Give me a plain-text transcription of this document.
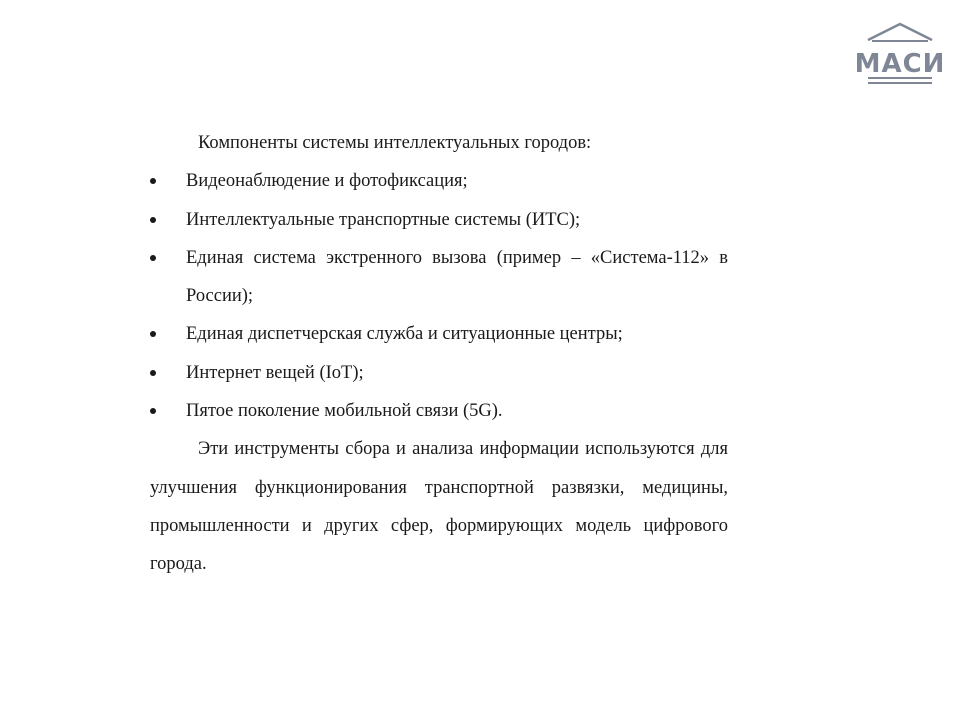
МАСИ

Компоненты системы интеллектуальных городов:

Видеонаблюдение и фотофиксация;
Интеллектуальные транспортные системы (ИТС);
Единая система экстренного вызова (пример – «Система-112» в России);
Единая диспетчерская служба и ситуационные центры;
Интернет вещей (IoT);
Пятое поколение мобильной связи (5G).

Эти инструменты сбора и анализа информации используются для улучшения функционирования транспортной развязки, медицины, промышленности и других сфер, формирующих модель цифрового города.
